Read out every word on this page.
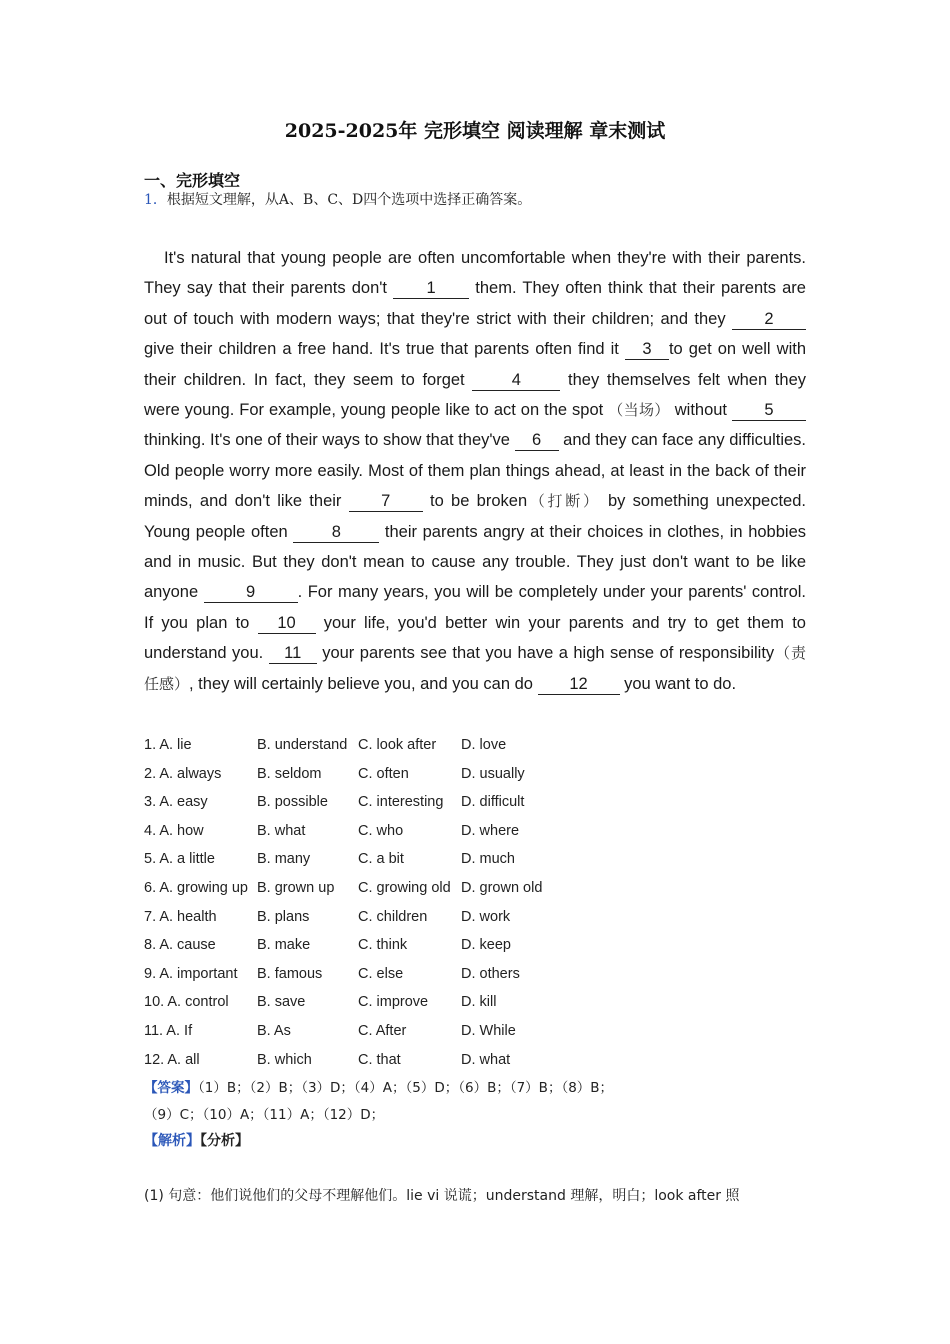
2025-2025年 完形填空 阅读理解 章末测试
一、完形填空
1．根据短文理解，从A、B、C、D四个选项中选择正确答案。
It's natural that young people are often uncomfortable when they're with their parents. They say that their parents don't 1 them. They often think that their parents are out of touch with modern ways; that they're strict with their children; and they 2 give their children a free hand. It's true that parents often find it 3 to get on well with their children. In fact, they seem to forget 4 they themselves felt when they were young. For example, young people like to act on the spot （当场） without 5 thinking. It's one of their ways to show that they've 6 and they can face any difficulties. Old people worry more easily. Most of them plan things ahead, at least in the back of their minds, and don't like their 7 to be broken（打断） by something unexpected. Young people often 8 their parents angry at their choices in clothes, in hobbies and in music. But they don't mean to cause any trouble. They just don't want to be like anyone	9	. For many years, you will be completely under your parents' control. If you plan to 10 your life, you'd better win your parents and try to get them to understand you. 11 your parents see that you have a high sense of responsibility（责任感）, they will certainly believe you, and you can do 12 you want to do.
1. A. lie	B. understand C. look after D. love
2. A. always B. seldom	C. often	D. usually
3. A. easy	B. possible C. interesting D. difficult
4. A. how	B. what	C. who	D. where
5. A. a little	B. many	C. a bit	D. much
6. A. growing up B. grown up C. growing old D. grown old
7. A. health	B. plans	C. children D. work
8. A. cause	B. make	C. think	D. keep
9. A. important B. famous C. else	D. others
10. A. control B. save	C. improve D. kill
11. A. If	B. As	C. After	D. While
12. A. all	B. which	C. that	D. what
【答案】（1）B；（2）B；（3）D；（4）A；（5）D；（6）B；（7）B；（8）B；
（9）C；（10）A；（11）A；（12）D；
【解析】【分析】
(1) 句意：他们说他们的父母不理解他们。lie vi 说谎；understand 理解，明白；look after 照
